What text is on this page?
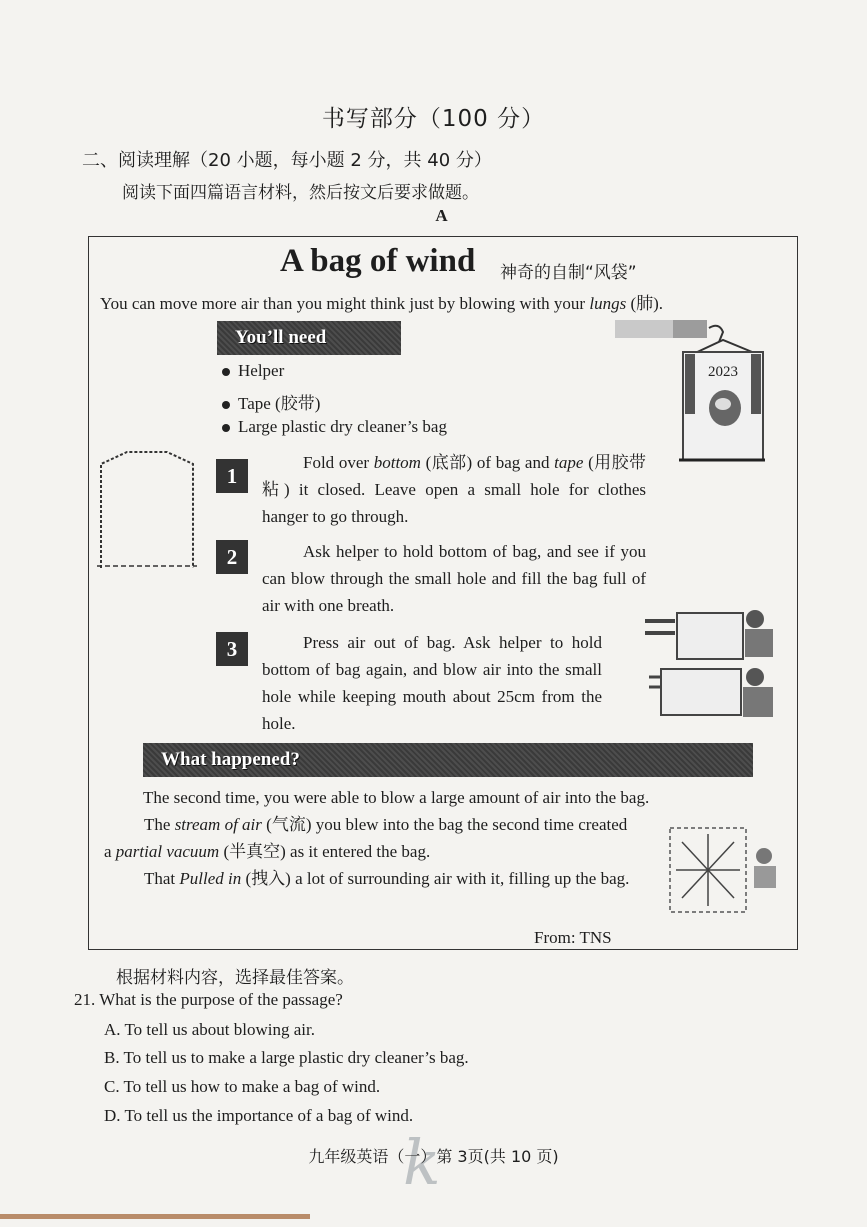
书写部分（100 分）
二、阅读理解（20 小题，每小题 2 分，共 40 分）
阅读下面四篇语言材料，然后按文后要求做题。
A
A bag of wind 神奇的自制“风袋”
You can move more air than you might think just by blowing with your lungs (肺).
You’ll need
Helper
Tape (胶带)
Large plastic dry cleaner’s bag
2023
1
Fold over bottom (底部) of bag and tape (用胶带粘) it closed. Leave open a small hole for clothes hanger to go through.
2	Ask helper to hold bottom of bag, and see if you can blow through the small hole and fill the bag full of air with one breath.
3	Press air out of bag. Ask helper to hold bottom of bag again, and blow air into the small hole while keeping mouth about 25cm from the hole.
What happened?
The second time, you were able to blow a large amount of air into the bag.
The stream of air (气流) you blew into the bag the second time created a partial vacuum (半真空) as it entered the bag.
That Pulled in (拽入) a lot of surrounding air with it, filling up the bag.
From: TNS
根据材料内容，选择最佳答案。
21. What is the purpose of the passage?
A. To tell us about blowing air.
B. To tell us to make a large plastic dry cleaner’s bag.
C. To tell us how to make a bag of wind.
D. To tell us the importance of a bag of wind.
k
九年级英语（一）第 3页(共 10 页)
